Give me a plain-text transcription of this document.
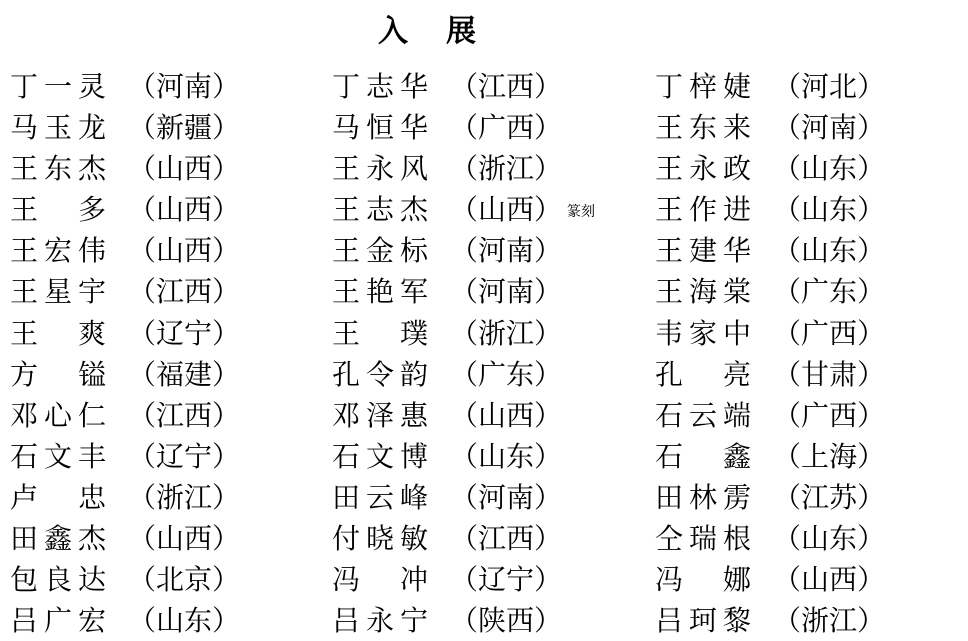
入展
丁一灵 （河南）
马玉龙 （新疆）
王东杰 （山西）
王多 （山西）
王宏伟 （山西）
王星宇 （江西）
王爽 （辽宁）
方镒 （福建）
邓心仁 （江西）
石文丰 （辽宁）
卢忠 （浙江）
田鑫杰 （山西）
包良达 （北京）
吕广宏 （山东）
丁志华 （江西）
马恒华 （广西）
王永风 （浙江）
王志杰 （山西）
王金标 （河南）
王艳军 （河南）
王璞 （浙江）
孔令韵 （广东）
邓泽惠 （山西）
石文博 （山东）
田云峰 （河南）
付晓敏 （江西）
冯冲 （辽宁）
吕永宁 （陕西）
丁梓婕 （河北）
王东来 （河南）
王永政 （山东）
王作进 （山东）
王建华 （山东）
王海棠 （广东）
韦家中 （广西）
孔亮 （甘肃）
石云端 （广西）
石鑫 （上海）
田林雳 （江苏）
仝瑞根 （山东）
冯娜 （山西）
吕珂黎 （浙江）
篆刻
